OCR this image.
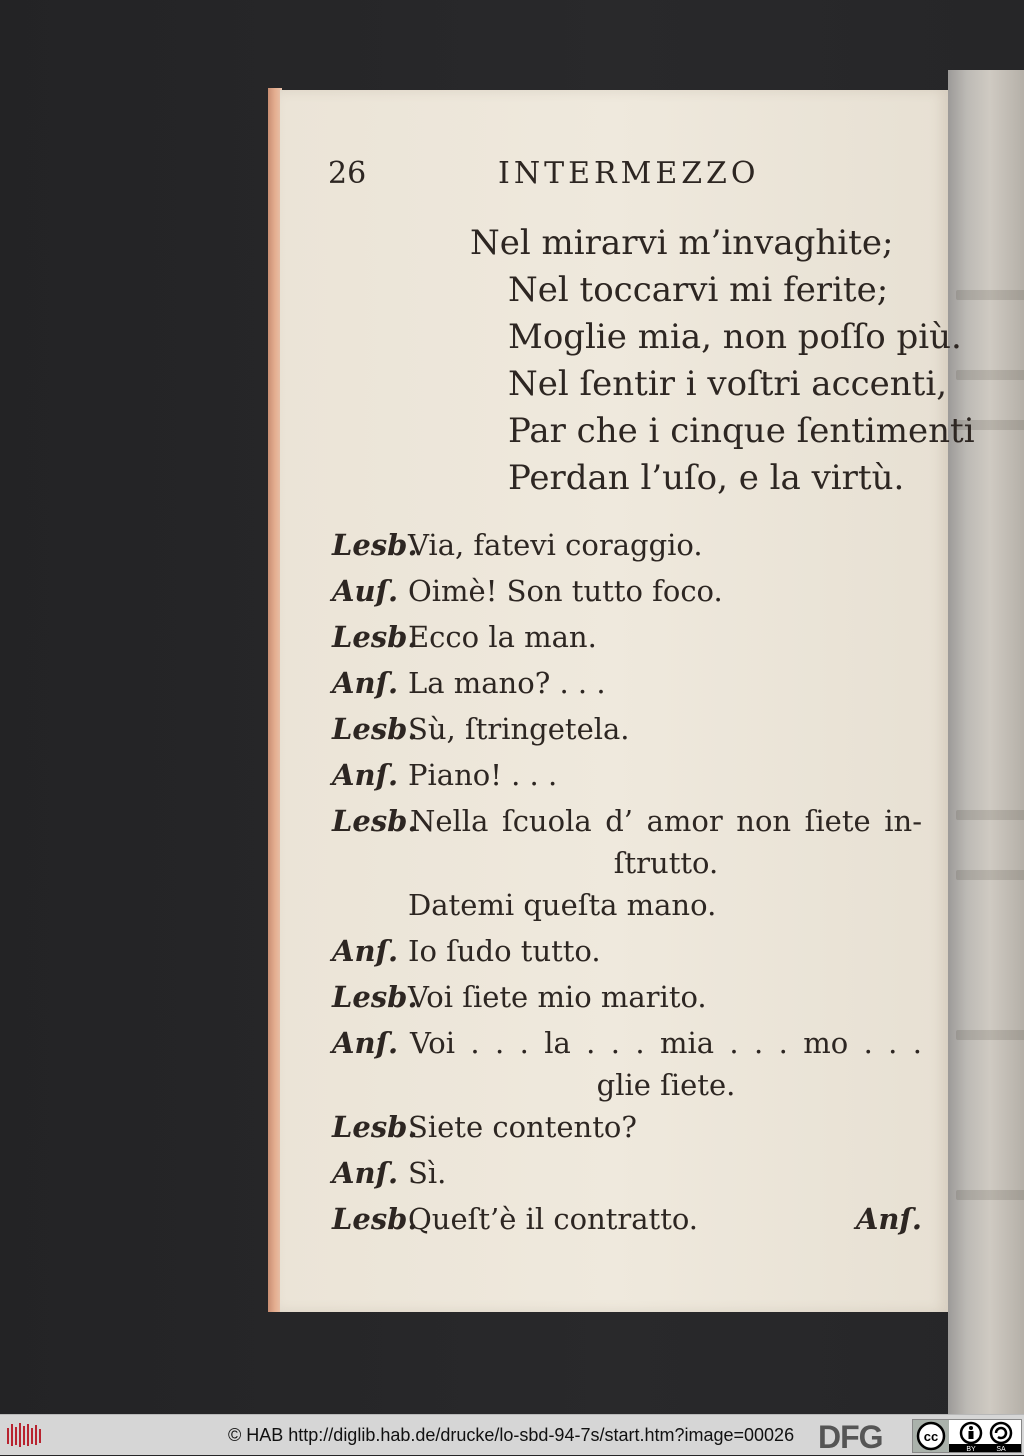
26	INTERMEZZO
Nel mirarvi m’invaghite;
Nel toccarvi mi ferite;
Moglie mia, non poſſo più.
Nel ſentir i voſtri accenti,
Par che i cinque ſentimenti
Perdan l’uſo, e la virtù.
Lesb.Via, fatevi coraggio.
Auſ. Oimè! Son tutto foco.
Lesb.Ecco la man.
Anſ. La mano? . . .
Lesb.Sù, ſtringetela.
Anſ. Piano! . . .
Lesb.
Nella ſcuola d’ amor non ſiete in-
ſtrutto.
Datemi queſta mano.
Anſ. Io ſudo tutto.
Lesb.Voi ſiete mio marito.
Anſ. Voi . . . la . . . mia . . . mo . . .
glie ſiete.
Lesb.Siete contento?
Anſ. Sì.
Lesb.Queſt’è il contratto.	Anſ.
© HAB http://diglib.hab.de/drucke/lo-sbd-94-7s/start.htm?image=00026 DFG	cc
BY	SA
